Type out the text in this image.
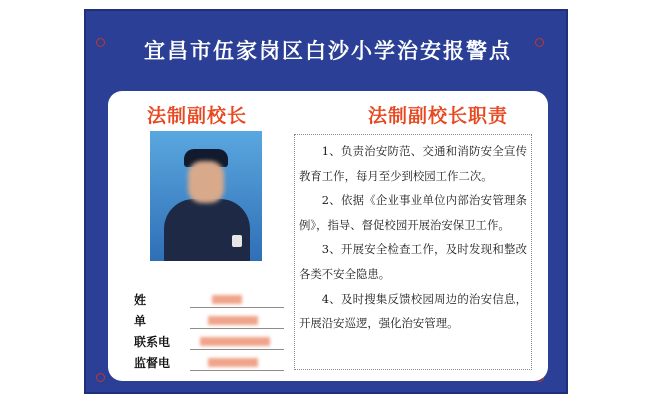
宜昌市伍家岗区白沙小学治安报警点
法制副校长	法制副校长职责
姓
单
联系电
监督电

1、负责治安防范、交通和消防安全宣传教育工作，每月至少到校园工作二次。

2、依据《企业事业单位内部治安管理条例》，指导、督促校园开展治安保卫工作。

3、开展安全检查工作，及时发现和整改各类不安全隐患。

4、及时搜集反馈校园周边的治安信息，开展沿安巡逻，强化治安管理。
